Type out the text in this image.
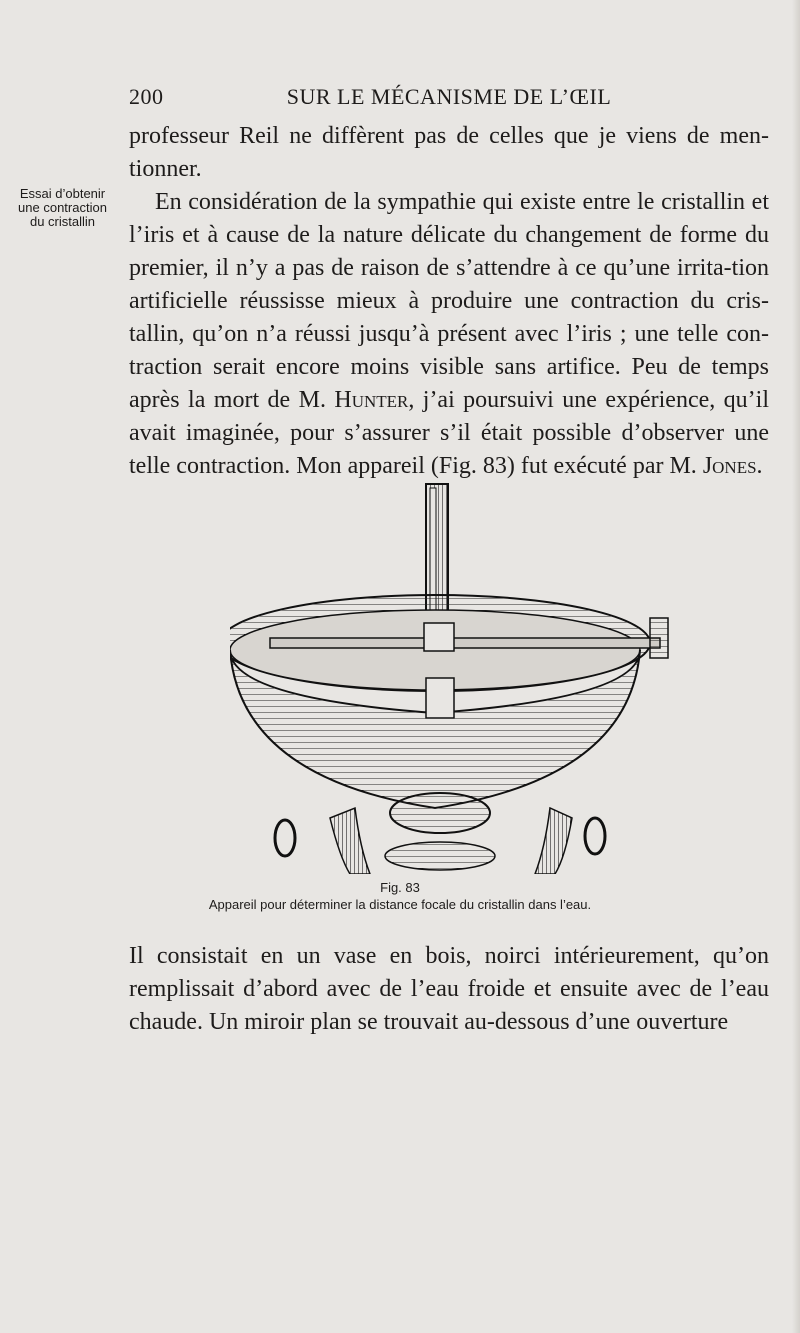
200	SUR LE MÉCANISME DE L’ŒIL
Essai d’obtenir
une contraction
du cristallin

professeur Reil ne diffèrent pas de celles que je viens de men-tionner.

En considération de la sympathie qui existe entre le cristallin et l’iris et à cause de la nature délicate du changement de forme du premier, il n’y a pas de raison de s’attendre à ce qu’une irrita-tion artificielle réussisse mieux à produire une contraction du cris-tallin, qu’on n’a réussi jusqu’à présent avec l’iris ; une telle con-traction serait encore moins visible sans artifice. Peu de temps après la mort de M. Hunter, j’ai poursuivi une expérience, qu’il avait imaginée, pour s’assurer s’il était possible d’observer une telle contraction. Mon appareil (Fig. 83) fut exécuté par M. Jones.

Fig. 83
Appareil pour déterminer la distance focale du cristallin dans l’eau.

Il consistait en un vase en bois, noirci intérieurement, qu’on remplissait d’abord avec de l’eau froide et ensuite avec de l’eau chaude. Un miroir plan se trouvait au-dessous d’une ouverture
